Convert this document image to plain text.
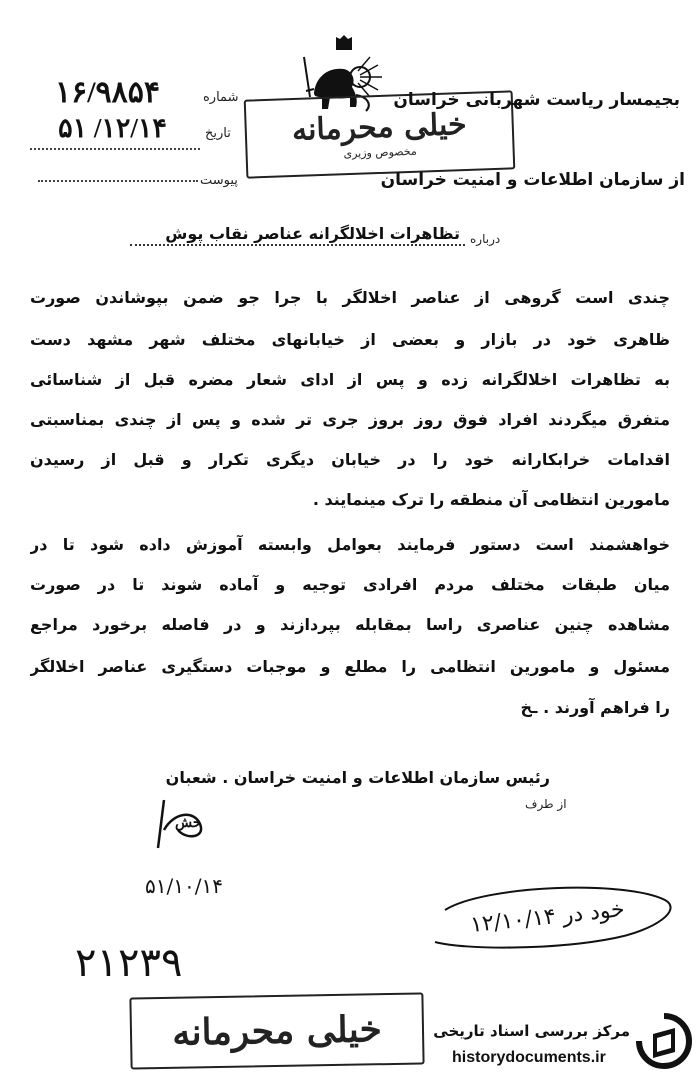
شماره
۱۶/۹۸۵۴
تاریخ
۱۲/۱۴/ ۵۱
پیوست
خیلی محرمانه
مخصوص وزیری
بجیمسار ریاست شهربانی خراسان
از سازمان اطلاعات و امنیت خراسان
درباره
تظاهرات اخلالگرانه عناصر نقاب پوش
چندی است گروهی از عناصر اخلالگر با جرا جو ضمن بپوشاندن صورت
ظاهری خود در بازار و بعضی از خیابانهای مختلف شهر مشهد دست
به تظاهرات اخلالگرانه زده و پس از ادای شعار مضره قبل از شناسائی
متفرق میگردند افراد فوق روز بروز جری تر شده و پس از چندی بمناسبتی
اقدامات خرابکارانه خود را در خیابان دیگری تکرار و قبل از رسیدن
مامورین انتظامی آن منطقه را ترک مینمایند .
خواهشمند است دستور فرمایند بعوامل وابسته آموزش داده شود تا در
میان طبقات مختلف مردم افرادی توجیه و آماده شوند تا در صورت
مشاهده چنین عناصری راسا بمقابله بپردازند و در فاصله برخورد مراجع
مسئول و مامورین انتظامی را مطلع و موجبات دستگیری عناصر اخلالگر
را فراهم آورند . ـخ
رئیس سازمان اطلاعات و امنیت خراسان . شعبان
از طرف
خش
۵۱/۱۰/۱۴
خود در ۱۲/۱۰/۱۴
۲۱۲۳۹
خیلی محرمانه	مرکز بررسی اسناد تاریخی
historydocuments.ir
